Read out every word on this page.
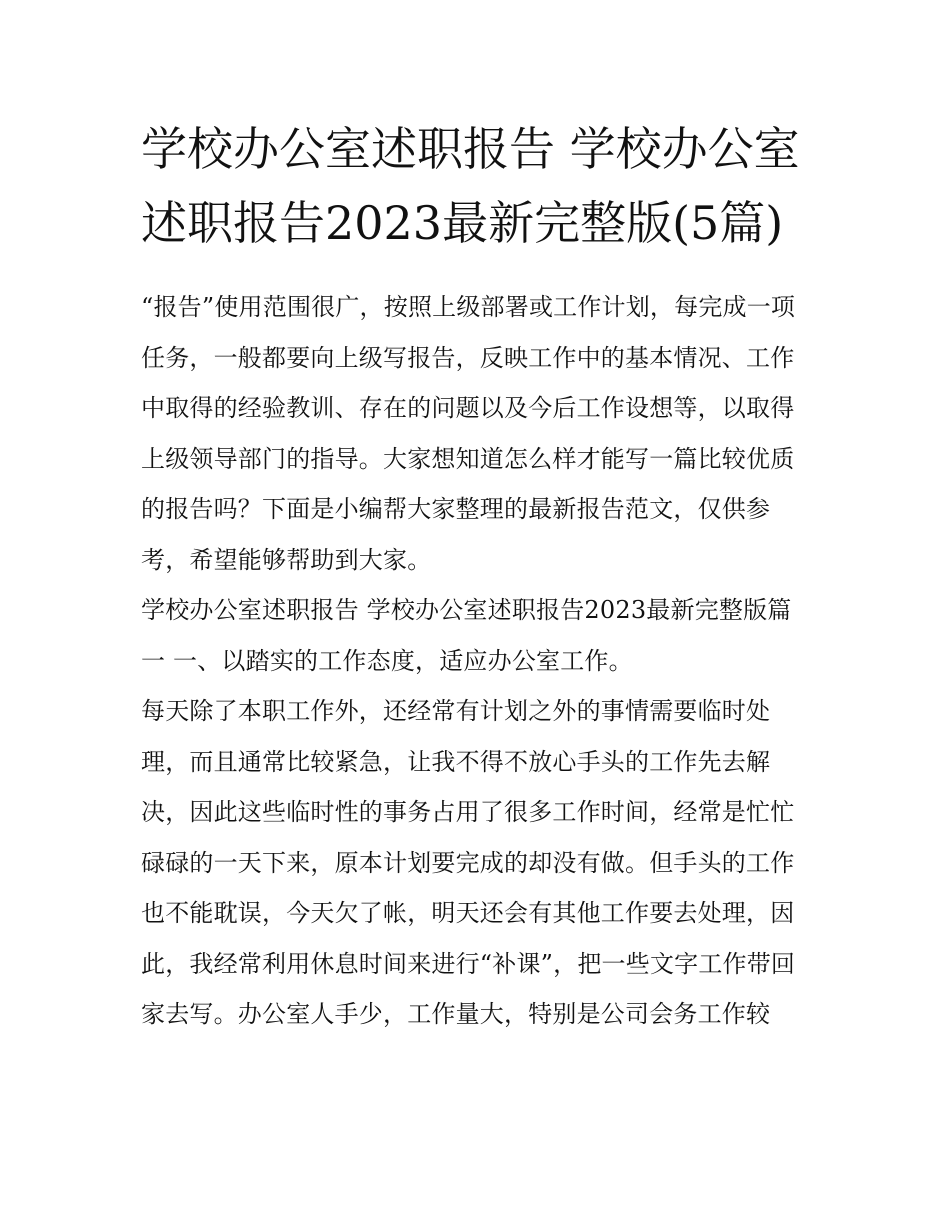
学校办公室述职报告 学校办公室述职报告2023最新完整版(5篇)

“报告”使用范围很广，按照上级部署或工作计划，每完成一项任务，一般都要向上级写报告，反映工作中的基本情况、工作中取得的经验教训、存在的问题以及今后工作设想等，以取得上级领导部门的指导。大家想知道怎么样才能写一篇比较优质的报告吗？下面是小编帮大家整理的最新报告范文，仅供参考，希望能够帮助到大家。

学校办公室述职报告 学校办公室述职报告2023最新完整版篇一 一、以踏实的工作态度，适应办公室工作。

每天除了本职工作外，还经常有计划之外的事情需要临时处理，而且通常比较紧急，让我不得不放心手头的工作先去解决，因此这些临时性的事务占用了很多工作时间，经常是忙忙碌碌的一天下来，原本计划要完成的却没有做。但手头的工作也不能耽误，今天欠了帐，明天还会有其他工作要去处理，因此，我经常利用休息时间来进行“补课”，把一些文字工作带回家去写。办公室人手少，工作量大，特别是公司会务工作较
